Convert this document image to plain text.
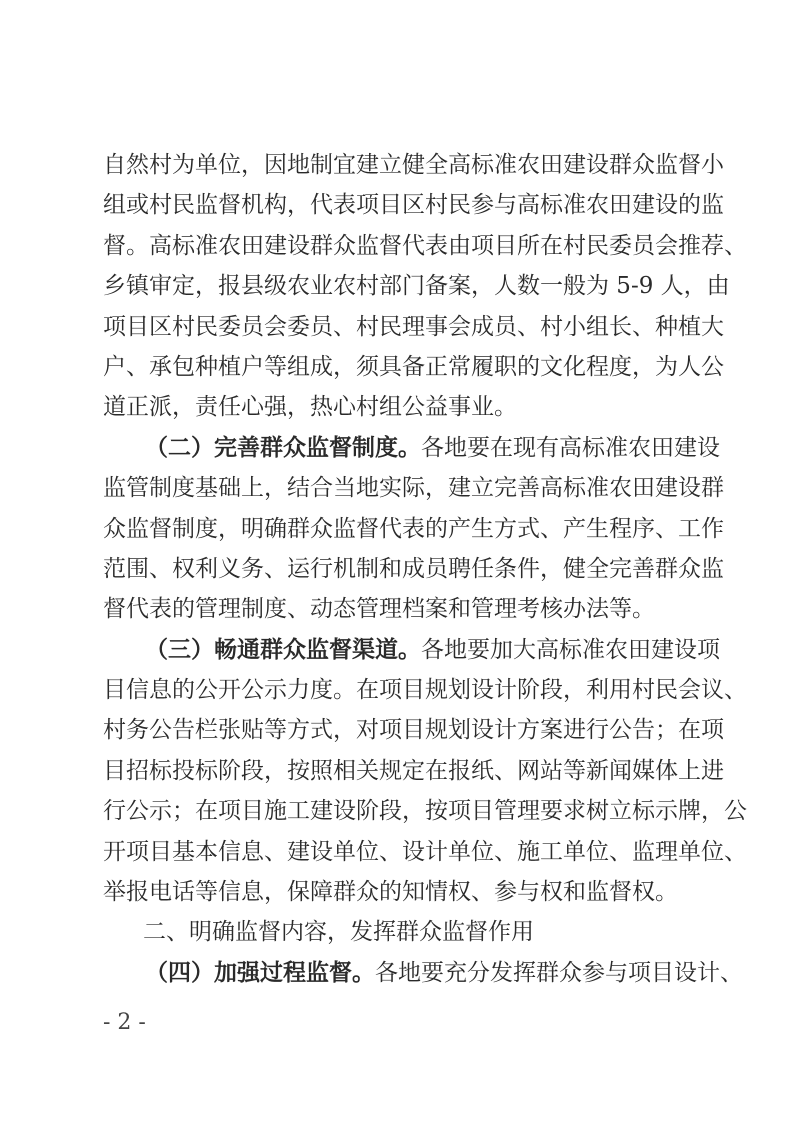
自然村为单位，因地制宜建立健全高标准农田建设群众监督小
组或村民监督机构，代表项目区村民参与高标准农田建设的监
督。高标准农田建设群众监督代表由项目所在村民委员会推荐、
乡镇审定，报县级农业农村部门备案，人数一般为 5-9 人，由
项目区村民委员会委员、村民理事会成员、村小组长、种植大
户、承包种植户等组成，须具备正常履职的文化程度，为人公
道正派，责任心强，热心村组公益事业。
（二）完善群众监督制度。各地要在现有高标准农田建设
监管制度基础上，结合当地实际，建立完善高标准农田建设群
众监督制度，明确群众监督代表的产生方式、产生程序、工作
范围、权利义务、运行机制和成员聘任条件，健全完善群众监
督代表的管理制度、动态管理档案和管理考核办法等。
（三）畅通群众监督渠道。各地要加大高标准农田建设项
目信息的公开公示力度。在项目规划设计阶段，利用村民会议、
村务公告栏张贴等方式，对项目规划设计方案进行公告；在项
目招标投标阶段，按照相关规定在报纸、网站等新闻媒体上进
行公示；在项目施工建设阶段，按项目管理要求树立标示牌，公
开项目基本信息、建设单位、设计单位、施工单位、监理单位、
举报电话等信息，保障群众的知情权、参与权和监督权。
二、明确监督内容，发挥群众监督作用
（四）加强过程监督。各地要充分发挥群众参与项目设计、
- 2 -
